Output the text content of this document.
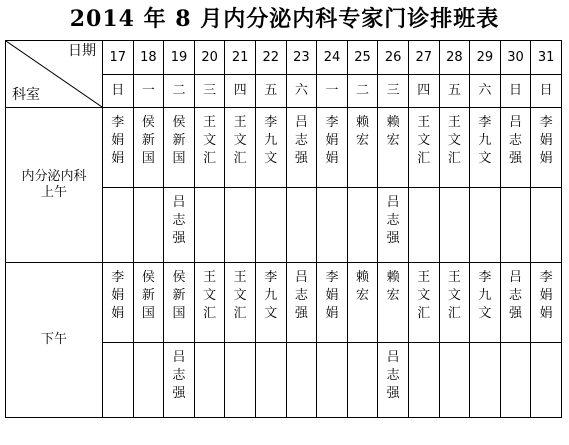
2014 年 8 月内分泌内科专家门诊排班表
日期
科室	17	18	19	20	21	22	23	24	25	26	27	28	29	30	31
	日	一	二	三	四	五	六	一	二	三	四	五	六	日	日
内分泌内科
上午	李
娟
娟	侯
新
国	侯
新
国	王
文
汇	王
文
汇	李
九
文	吕
志
强	李
娟
娟	赖
宏	赖
宏	王
文
汇	王
文
汇	李
九
文	吕
志
强	李
娟
娟

			吕
志
强							吕
志
强					

下午	李
娟
娟	侯
新
国	侯
新
国	王
文
汇	王
文
汇	李
九
文	吕
志
强	李
娟
娟	赖
宏	赖
宏	王
文
汇	王
文
汇	李
九
文	吕
志
强	李
娟
娟

			吕
志
强							吕
志
强					
